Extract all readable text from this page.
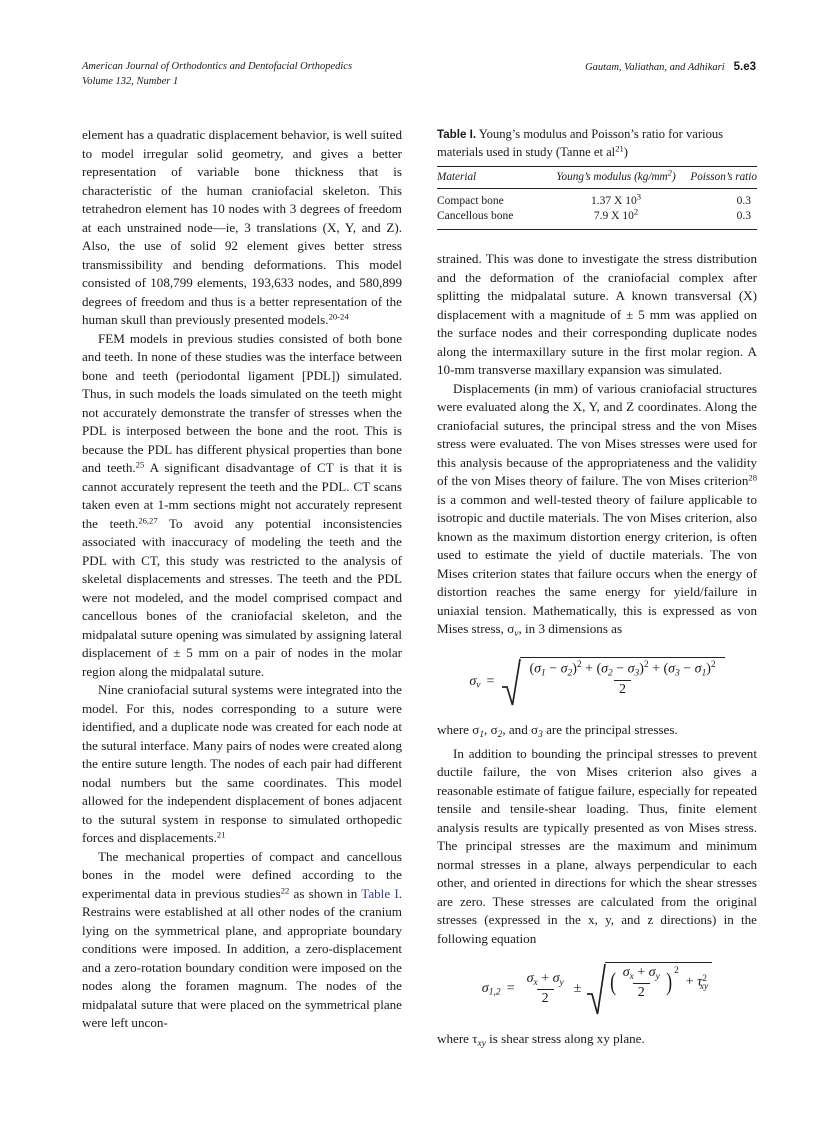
American Journal of Orthodontics and Dentofacial Orthopedics
Volume 132, Number 1
Gautam, Valiathan, and Adhikari 5.e3

element has a quadratic displacement behavior, is well suited to model irregular solid geometry, and gives a better representation of variable bone thickness that is characteristic of the human craniofacial skeleton. This tetrahedron element has 10 nodes with 3 degrees of freedom at each unstrained node—ie, 3 translations (X, Y, and Z). Also, the use of solid 92 element gives better stress transmissibility and bending deformations. This model consisted of 108,799 elements, 193,633 nodes, and 580,899 degrees of freedom and thus is a better representation of the human skull than previously presented models.$^{20-24}$

FEM models in previous studies consisted of both bone and teeth. In none of these studies was the interface between bone and teeth (periodontal ligament [PDL]) simulated. Thus, in such models the loads simulated on the teeth might not accurately demonstrate the transfer of stresses when the PDL is interposed between the bone and the root. This is because the PDL has different physical properties than bone and teeth.$^{25}$ A significant disadvantage of CT is that it is cannot accurately represent the teeth and the PDL. CT scans taken even at 1-mm sections might not accurately represent the teeth.$^{26,27}$ To avoid any potential inconsistencies associated with inaccuracy of modeling the teeth and the PDL with CT, this study was restricted to the analysis of skeletal displacements and stresses. The teeth and the PDL were not modeled, and the model comprised compact and cancellous bones of the craniofacial skeleton, and the midpalatal suture opening was simulated by assigning lateral displacement of ± 5 mm on a pair of nodes in the molar region along the midpalatal suture.

Nine craniofacial sutural systems were integrated into the model. For this, nodes corresponding to a suture were identified, and a duplicate node was created for each node at the sutural interface. Many pairs of nodes were created along the entire suture length. The nodes of each pair had different nodal numbers but the same coordinates. This model allowed for the independent displacement of bones adjacent to the sutural system in response to simulated orthopedic forces and displacements.$^{21}$

The mechanical properties of compact and cancellous bones in the model were defined according to the experimental data in previous studies$^{22}$ as shown in Table I. Restrains were established at all other nodes of the cranium lying on the symmetrical plane, and appropriate boundary conditions were imposed. In addition, a zero-displacement and a zero-rotation boundary condition were imposed on the nodes along the foramen magnum. The nodes of the midpalatal suture that were placed on the symmetrical plane were left uncon-

Table I. Young’s modulus and Poisson’s ratio for various materials used in study (Tanne et $al^{21}$)
Material	Young’s modulus $(kg/mm^2)$	Poisson’s ratio
Compact bone	1.37 X $10^3$	0.3
Cancellous bone	7.9 X $10^2$	0.3

strained. This was done to investigate the stress distribution and the deformation of the craniofacial complex after splitting the midpalatal suture. A known transversal (X) displacement with a magnitude of ± 5 mm was applied on the surface nodes and their corresponding duplicate nodes along the intermaxillary suture in the first molar region. A 10-mm transverse maxillary expansion was simulated.

Displacements (in mm) of various craniofacial structures were evaluated along the X, Y, and Z coordinates. Along the craniofacial sutures, the principal stress and the von Mises stress were evaluated. The von Mises stresses were used for this analysis because of the appropriateness and the validity of the von Mises theory of failure. The von Mises criterion$^{28}$ is a common and well-tested theory of failure applicable to isotropic and ductile materials. The von Mises criterion, also known as the maximum distortion energy criterion, is often used to estimate the yield of ductile materials. The von Mises criterion states that failure occurs when the energy of distortion reaches the same energy for yield/failure in uniaxial tension. Mathematically, this is expressed as von Mises stress, $\sigma_v$, in 3 dimensions as

$\sigma_v = \frac{(\sigma_1 - \sigma_2)^2 + (\sigma_2 - \sigma_3)^2 + (\sigma_3 - \sigma_1)^2}{2}$

where $\sigma_1$, $\sigma_2$, and $\sigma_3$ are the principal stresses.

In addition to bounding the principal stresses to prevent ductile failure, the von Mises criterion also gives a reasonable estimate of fatigue failure, especially for repeated tensile and tensile-shear loading. Thus, finite element analysis results are typically presented as von Mises stress. The principal stresses are the maximum and minimum normal stresses in a plane, always perpendicular to each other, and oriented in directions for which the shear stresses are zero. These stresses are calculated from the original stresses (expressed in the x, y, and z directions) in the following equation

$\sigma_{1,2} = \frac{\sigma_x + \sigma_y}{2}$ ± ( $\frac{\sigma_x + \sigma_y}{2}$ ) 2
+ $\tau^2_{xy}$

where $\tau_{xy}$ is shear stress along xy plane.
